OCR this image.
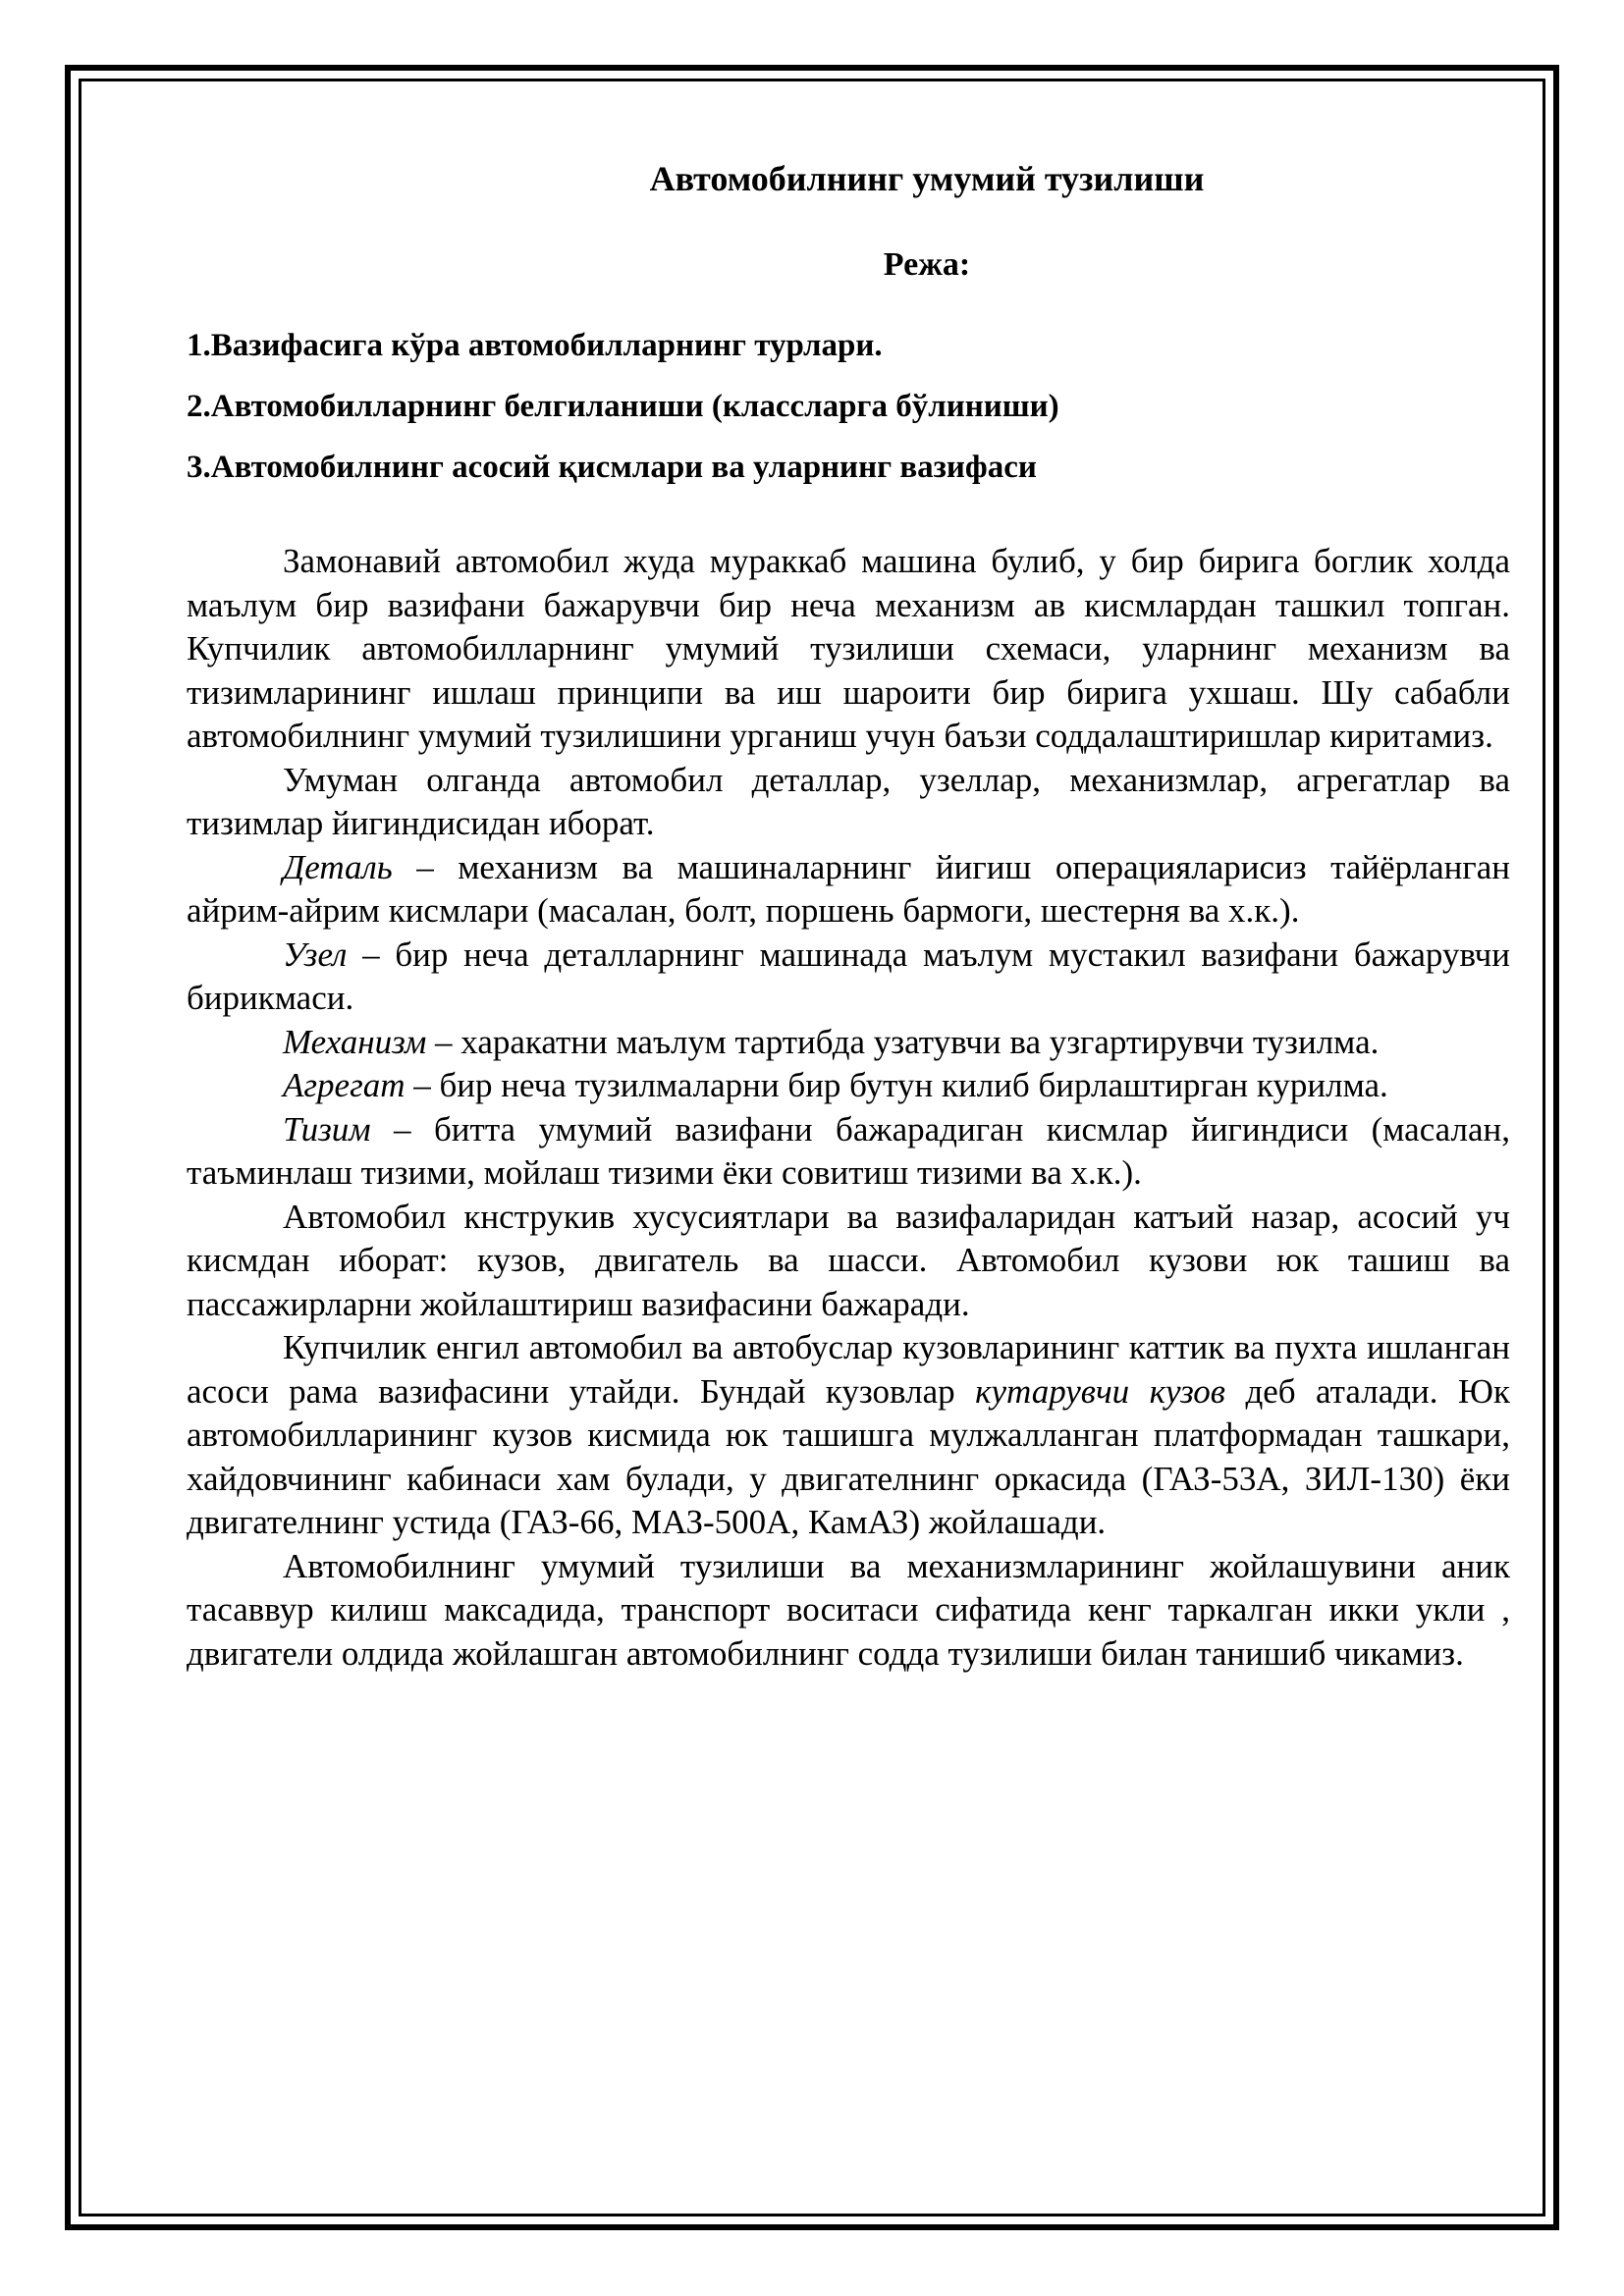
Автомобилнинг умумий тузилиши
Режа:
1.Вазифасига кўра автомобилларнинг турлари.
2.Автомобилларнинг белгиланиши (классларга бўлиниши)
3.Автомобилнинг асосий қисмлари ва уларнинг вазифаси

Замонавий автомобил жуда мураккаб машина булиб, у бир бирига боглик холда маълум бир вазифани бажарувчи бир неча механизм ав кисмлардан ташкил топган. Купчилик автомобилларнинг умумий тузилиши схемаси, уларнинг механизм ва тизимларининг ишлаш принципи ва иш шароити бир бирига ухшаш. Шу сабабли автомобилнинг умумий тузилишини урганиш учун баъзи соддалаштиришлар киритамиз.

Умуман олганда автомобил деталлар, узеллар, механизмлар, агрегатлар ва тизимлар йигиндисидан иборат.

Деталь – механизм ва машиналарнинг йигиш операцияларисиз тайёрланган айрим-айрим кисмлари (масалан, болт, поршень бармоги, шестерня ва х.к.).

Узел – бир неча деталларнинг машинада маълум мустакил вазифани бажарувчи бирикмаси.

Механизм – харакатни маълум тартибда узатувчи ва узгартирувчи тузилма.

Агрегат – бир неча тузилмаларни бир бутун килиб бирлаштирган курилма.

Тизим – битта умумий вазифани бажарадиган кисмлар йигиндиси (масалан, таъминлаш тизими, мойлаш тизими ёки совитиш тизими ва х.к.).

Автомобил кнструкив хусусиятлари ва вазифаларидан катъий назар, асосий уч кисмдан иборат: кузов, двигатель ва шасси. Автомобил кузови юк ташиш ва пассажирларни жойлаштириш вазифасини бажаради.

Купчилик енгил автомобил ва автобуслар кузовларининг каттик ва пухта ишланган асоси рама вазифасини утайди. Бундай кузовлар кутарувчи кузов деб аталади. Юк автомобилларининг кузов кисмида юк ташишга мулжалланган платформадан ташкари, хайдовчининг кабинаси хам булади, у двигателнинг оркасида (ГАЗ-53А, ЗИЛ-130) ёки двигателнинг устида (ГАЗ-66, МАЗ-500А, КамАЗ) жойлашади.

Автомобилнинг умумий тузилиши ва механизмларининг жойлашувини аник тасаввур килиш максадида, транспорт воситаси сифатида кенг таркалган икки укли , двигатели олдида жойлашган автомобилнинг содда тузилиши билан танишиб чикамиз.
